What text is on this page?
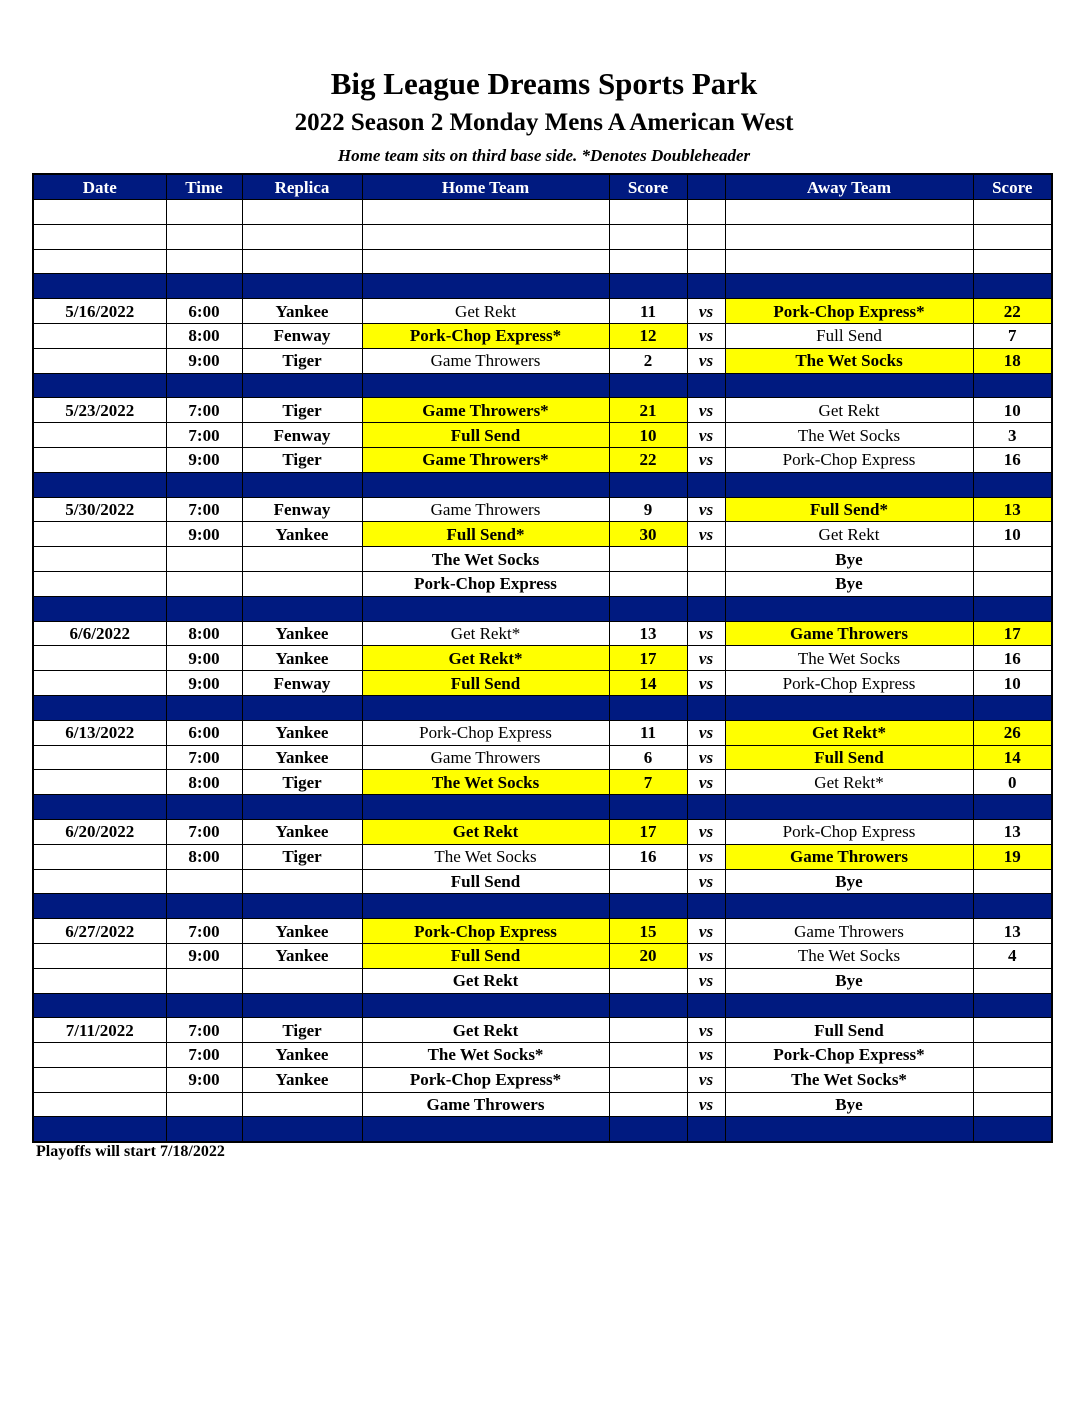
Big League Dreams Sports Park
2022 Season 2 Monday Mens A American West
Home team sits on third base side. *Denotes Doubleheader
Date	Time	Replica	Home Team	Score		Away Team	Score

5/16/2022	6:00	Yankee	Get Rekt	11	vs	Pork-Chop Express*	22
	8:00	Fenway	Pork-Chop Express*	12	vs	Full Send	7
	9:00	Tiger	Game Throwers	2	vs	The Wet Socks	18

5/23/2022	7:00	Tiger	Game Throwers*	21	vs	Get Rekt	10
	7:00	Fenway	Full Send	10	vs	The Wet Socks	3
	9:00	Tiger	Game Throwers*	22	vs	Pork-Chop Express	16

5/30/2022	7:00	Fenway	Game Throwers	9	vs	Full Send*	13
	9:00	Yankee	Full Send*	30	vs	Get Rekt	10
			The Wet Socks			Bye	
			Pork-Chop Express			Bye	

6/6/2022	8:00	Yankee	Get Rekt*	13	vs	Game Throwers	17
	9:00	Yankee	Get Rekt*	17	vs	The Wet Socks	16
	9:00	Fenway	Full Send	14	vs	Pork-Chop Express	10

6/13/2022	6:00	Yankee	Pork-Chop Express	11	vs	Get Rekt*	26
	7:00	Yankee	Game Throwers	6	vs	Full Send	14
	8:00	Tiger	The Wet Socks	7	vs	Get Rekt*	0

6/20/2022	7:00	Yankee	Get Rekt	17	vs	Pork-Chop Express	13
	8:00	Tiger	The Wet Socks	16	vs	Game Throwers	19
			Full Send		vs	Bye	

6/27/2022	7:00	Yankee	Pork-Chop Express	15	vs	Game Throwers	13
	9:00	Yankee	Full Send	20	vs	The Wet Socks	4
			Get Rekt		vs	Bye	

7/11/2022	7:00	Tiger	Get Rekt		vs	Full Send	
	7:00	Yankee	The Wet Socks*		vs	Pork-Chop Express*	
	9:00	Yankee	Pork-Chop Express*		vs	The Wet Socks*	
			Game Throwers		vs	Bye	

Playoffs will start 7/18/2022
